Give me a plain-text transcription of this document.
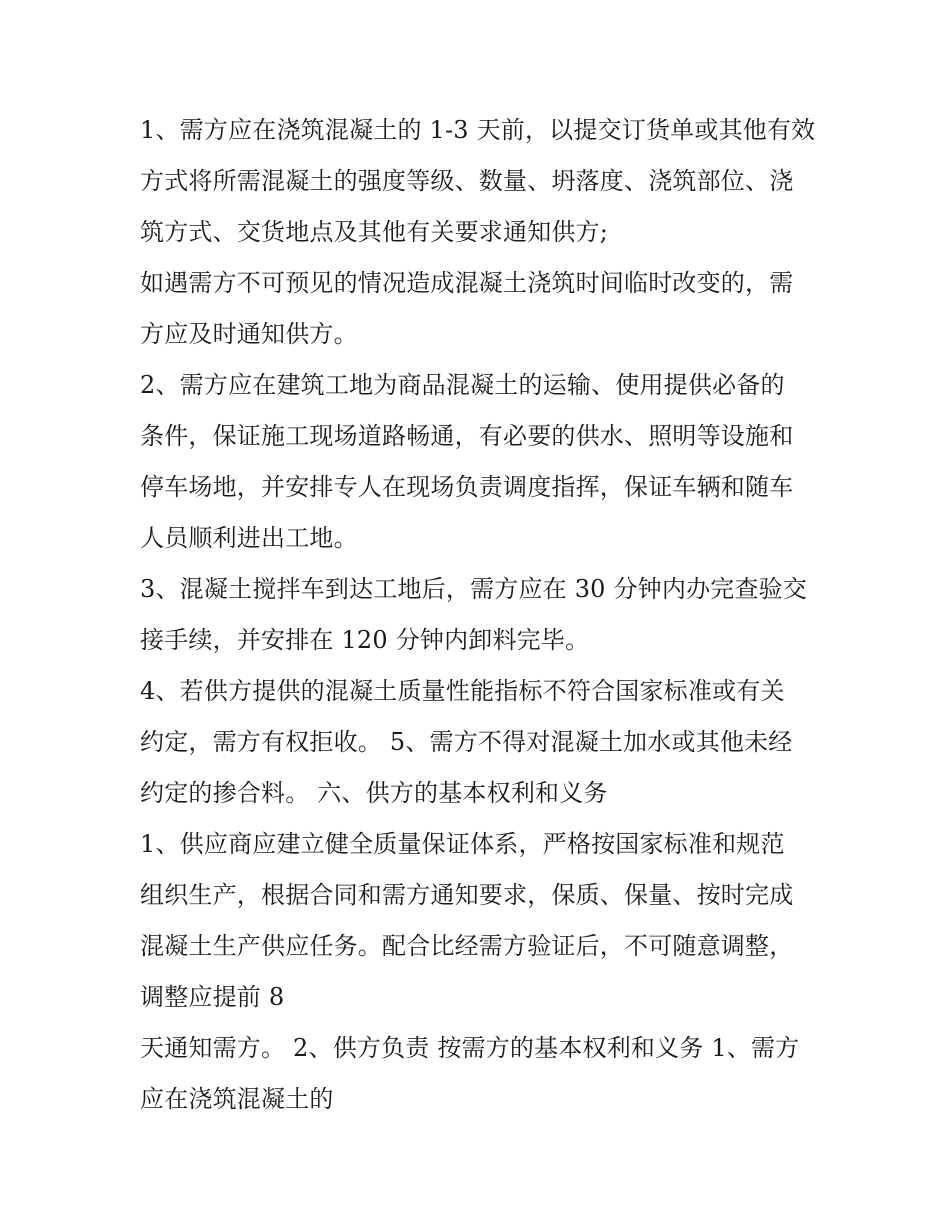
1、需方应在浇筑混凝土的 1-3 天前，以提交订货单或其他有效
方式将所需混凝土的强度等级、数量、坍落度、浇筑部位、浇
筑方式、交货地点及其他有关要求通知供方;
如遇需方不可预见的情况造成混凝土浇筑时间临时改变的，需
方应及时通知供方。
2、需方应在建筑工地为商品混凝土的运输、使用提供必备的
条件，保证施工现场道路畅通，有必要的供水、照明等设施和
停车场地，并安排专人在现场负责调度指挥，保证车辆和随车
人员顺利进出工地。
3、混凝土搅拌车到达工地后，需方应在 30 分钟内办完查验交
接手续，并安排在 120 分钟内卸料完毕。
4、若供方提供的混凝土质量性能指标不符合国家标准或有关
约定，需方有权拒收。 5、需方不得对混凝土加水或其他未经
约定的掺合料。 六、供方的基本权利和义务
1、供应商应建立健全质量保证体系，严格按国家标准和规范
组织生产，根据合同和需方通知要求，保质、保量、按时完成
混凝土生产供应任务。配合比经需方验证后，不可随意调整，
调整应提前 8
天通知需方。 2、供方负责 按需方的基本权利和义务 1、需方
应在浇筑混凝土的
